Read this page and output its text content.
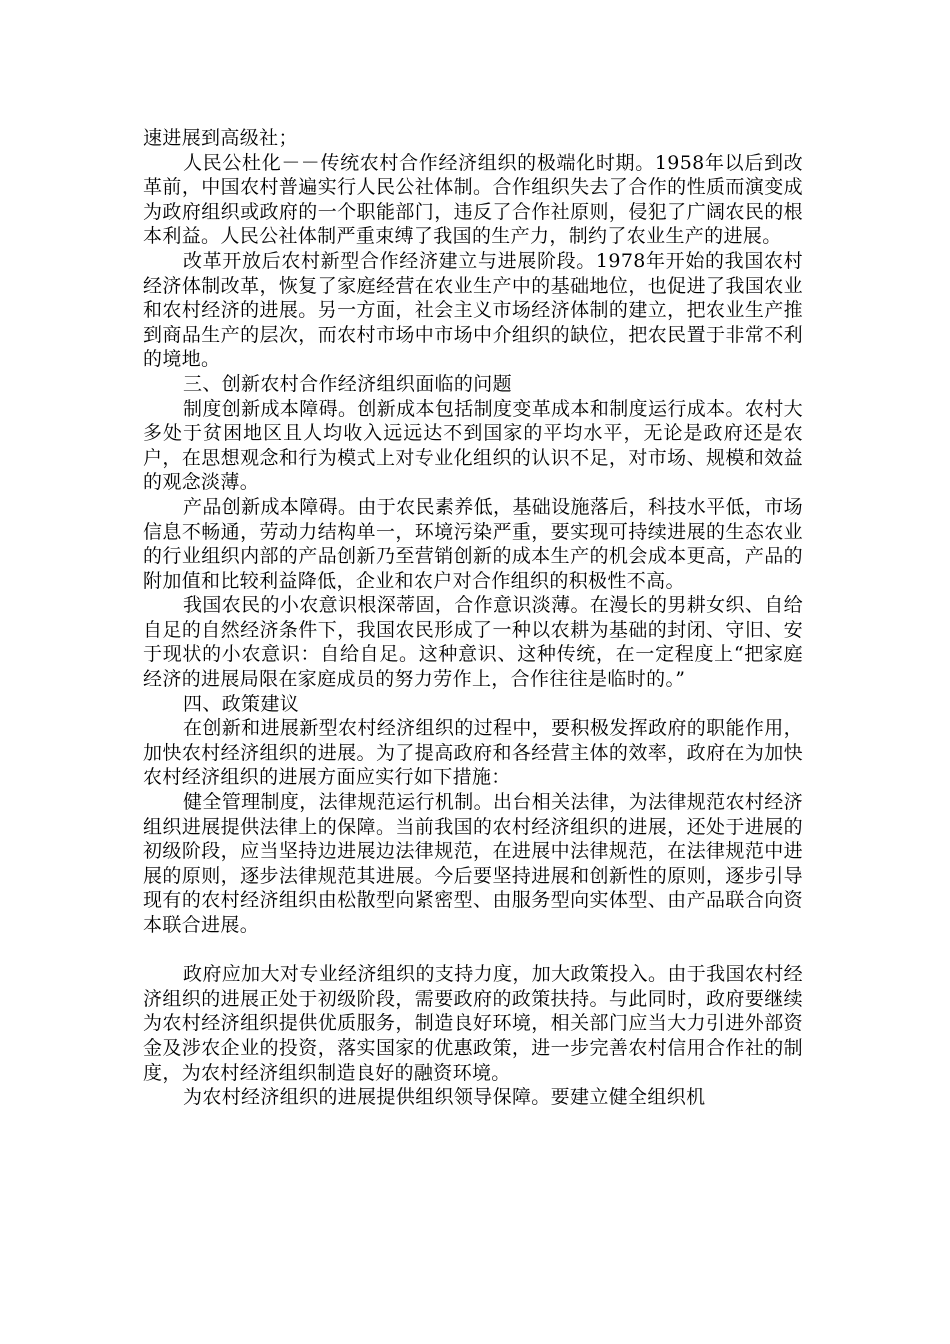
速进展到高级社；

人民公杜化－－传统农村合作经济组织的极端化时期。1958年以后到改革前，中国农村普遍实行人民公社体制。合作组织失去了合作的性质而演变成为政府组织或政府的一个职能部门，违反了合作社原则，侵犯了广阔农民的根本利益。人民公社体制严重束缚了我国的生产力，制约了农业生产的进展。

改革开放后农村新型合作经济建立与进展阶段。1978年开始的我国农村经济体制改革，恢复了家庭经营在农业生产中的基础地位，也促进了我国农业和农村经济的进展。另一方面，社会主义市场经济体制的建立，把农业生产推到商品生产的层次，而农村市场中市场中介组织的缺位，把农民置于非常不利的境地。

三、创新农村合作经济组织面临的问题

制度创新成本障碍。创新成本包括制度变革成本和制度运行成本。农村大多处于贫困地区且人均收入远远达不到国家的平均水平，无论是政府还是农户，在思想观念和行为模式上对专业化组织的认识不足，对市场、规模和效益的观念淡薄。

产品创新成本障碍。由于农民素养低，基础设施落后，科技水平低，市场信息不畅通，劳动力结构单一，环境污染严重，要实现可持续进展的生态农业的行业组织内部的产品创新乃至营销创新的成本生产的机会成本更高，产品的附加值和比较利益降低，企业和农户对合作组织的积极性不高。

我国农民的小农意识根深蒂固，合作意识淡薄。在漫长的男耕女织、自给自足的自然经济条件下，我国农民形成了一种以农耕为基础的封闭、守旧、安于现状的小农意识：自给自足。这种意识、这种传统，在一定程度上“把家庭经济的进展局限在家庭成员的努力劳作上，合作往往是临时的。”

四、政策建议

在创新和进展新型农村经济组织的过程中，要积极发挥政府的职能作用，加快农村经济组织的进展。为了提高政府和各经营主体的效率，政府在为加快农村经济组织的进展方面应实行如下措施：

健全管理制度，法律规范运行机制。出台相关法律，为法律规范农村经济组织进展提供法律上的保障。当前我国的农村经济组织的进展，还处于进展的初级阶段，应当坚持边进展边法律规范，在进展中法律规范，在法律规范中进展的原则，逐步法律规范其进展。今后要坚持进展和创新性的原则，逐步引导现有的农村经济组织由松散型向紧密型、由服务型向实体型、由产品联合向资本联合进展。

政府应加大对专业经济组织的支持力度，加大政策投入。由于我国农村经济组织的进展正处于初级阶段，需要政府的政策扶持。与此同时，政府要继续为农村经济组织提供优质服务，制造良好环境，相关部门应当大力引进外部资金及涉农企业的投资，落实国家的优惠政策，进一步完善农村信用合作社的制度，为农村经济组织制造良好的融资环境。

为农村经济组织的进展提供组织领导保障。要建立健全组织机
